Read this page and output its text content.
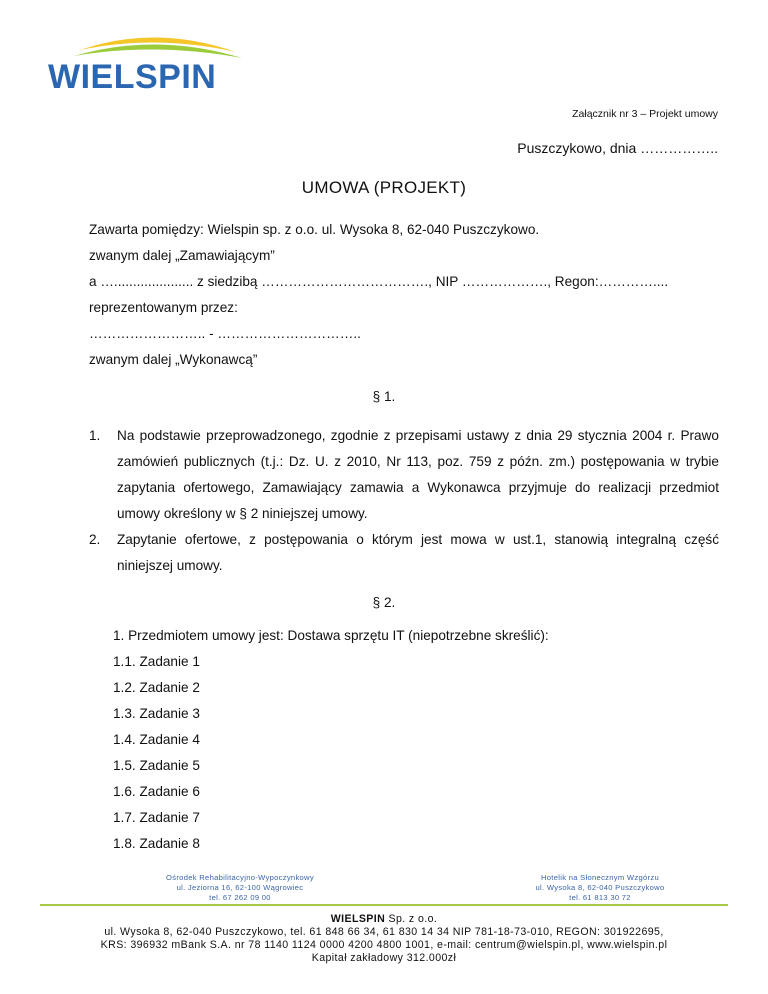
WIELSPIN
Załącznik nr 3 – Projekt umowy
Puszczykowo, dnia ……………..
UMOWA (PROJEKT)
Zawarta pomiędzy: Wielspin sp. z o.o. ul. Wysoka 8, 62-040 Puszczykowo.
zwanym dalej „Zamawiającym”
a …..................... z siedzibą ………………………………., NIP ………………., Regon:…………....
reprezentowanym przez:
…………………….. - …………………………..
zwanym dalej „Wykonawcą”
§ 1.
1. Na podstawie przeprowadzonego, zgodnie z przepisami ustawy z dnia 29 stycznia 2004 r. Prawo zamówień publicznych (t.j.: Dz. U. z 2010, Nr 113, poz. 759 z późn. zm.) postępowania w trybie zapytania ofertowego, Zamawiający zamawia a Wykonawca przyjmuje do realizacji przedmiot umowy określony w § 2 niniejszej umowy.
2. Zapytanie ofertowe, z postępowania o którym jest mowa w ust.1, stanowią integralną część niniejszej umowy.
§ 2.
1. Przedmiotem umowy jest: Dostawa sprzętu IT (niepotrzebne skreślić):
1.1. Zadanie 1
1.2. Zadanie 2
1.3. Zadanie 3
1.4. Zadanie 4
1.5. Zadanie 5
1.6. Zadanie 6
1.7. Zadanie 7
1.8. Zadanie 8
Ośrodek Rehabilitacyjno-Wypoczynkowy
ul. Jeziorna 16, 62-100 Wągrowiec
tel. 67 262 09 00
Hotelik na Słonecznym Wzgórzu
ul. Wysoka 8, 62-040 Puszczykowo
tel. 61 813 30 72
WIELSPIN Sp. z o.o.
ul. Wysoka 8, 62-040 Puszczykowo, tel. 61 848 66 34, 61 830 14 34 NIP 781-18-73-010, REGON: 301922695,
KRS: 396932 mBank S.A. nr 78 1140 1124 0000 4200 4800 1001, e-mail: centrum@wielspin.pl, www.wielspin.pl
Kapitał zakładowy 312.000zł
